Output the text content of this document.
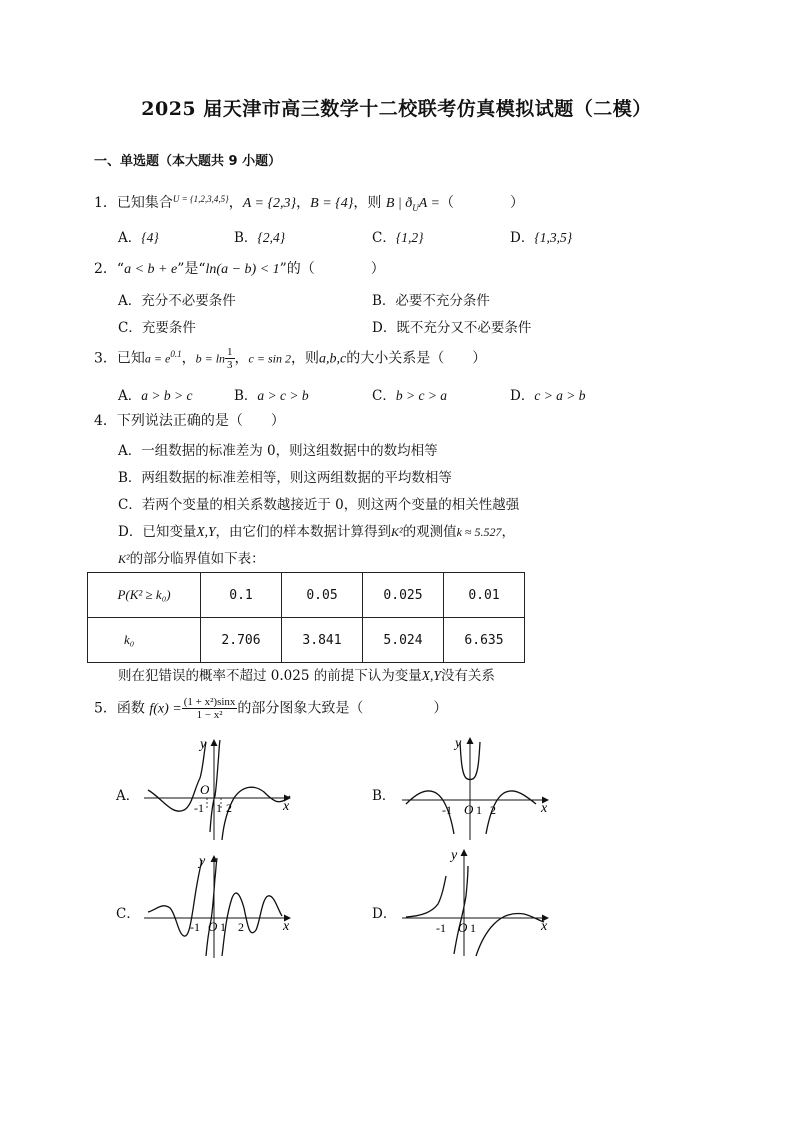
2025 届天津市高三数学十二校联考仿真模拟试题（二模）
一、单选题（本大题共 9 小题）
1．已知集合$^{U = \{1,2,3,4,5\}}$，A = {2,3}，B = {4}，则 B | $ð_UA$ =（　　　　）
A．{4}	B．{2,4}	C．{1,2}	D．{1,3,5}
2．“a < b + e”是“ln(a − b) < 1”的（　　　　）
A．充分不必要条件	B．必要不充分条件
C．充要条件	D．既不充分又不必要条件
3．已知$a = e^{0.1}$，$b = \ln \frac{1}{3}$ ，c = sin 2，则a,b,c的大小关系是（　　）
A．a > b > c	B．a > c > b	C．b > c > a	D．c > a > b
4．下列说法正确的是（　　）
A．一组数据的标准差为 0，则这组数据中的数均相等
B．两组数据的标准差相等，则这两组数据的平均数相等
C．若两个变量的相关系数越接近于 0，则这两个变量的相关性越强
D．已知变量X,Y，由它们的样本数据计算得到K²的观测值k ≈ 5.527，
K²的部分临界值如下表：
P(K² ≥ k₀)	0.1	0.05	0.025	0.01
k₀	2.706	3.841	5.024	6.635
则在犯错误的概率不超过 0.025 的前提下认为变量X,Y没有关系
5．函数 $f(x) = \frac{\text{(1 + x²)sinx}}{\text{1 − x²}}$ 的部分图象大致是（　　　　　）
A．	B．
C．	D．
O
-1 1 2	x
y
-1 O 1 2	x
y
-1 O 1 2	x
y
-1 O 1	x
y
